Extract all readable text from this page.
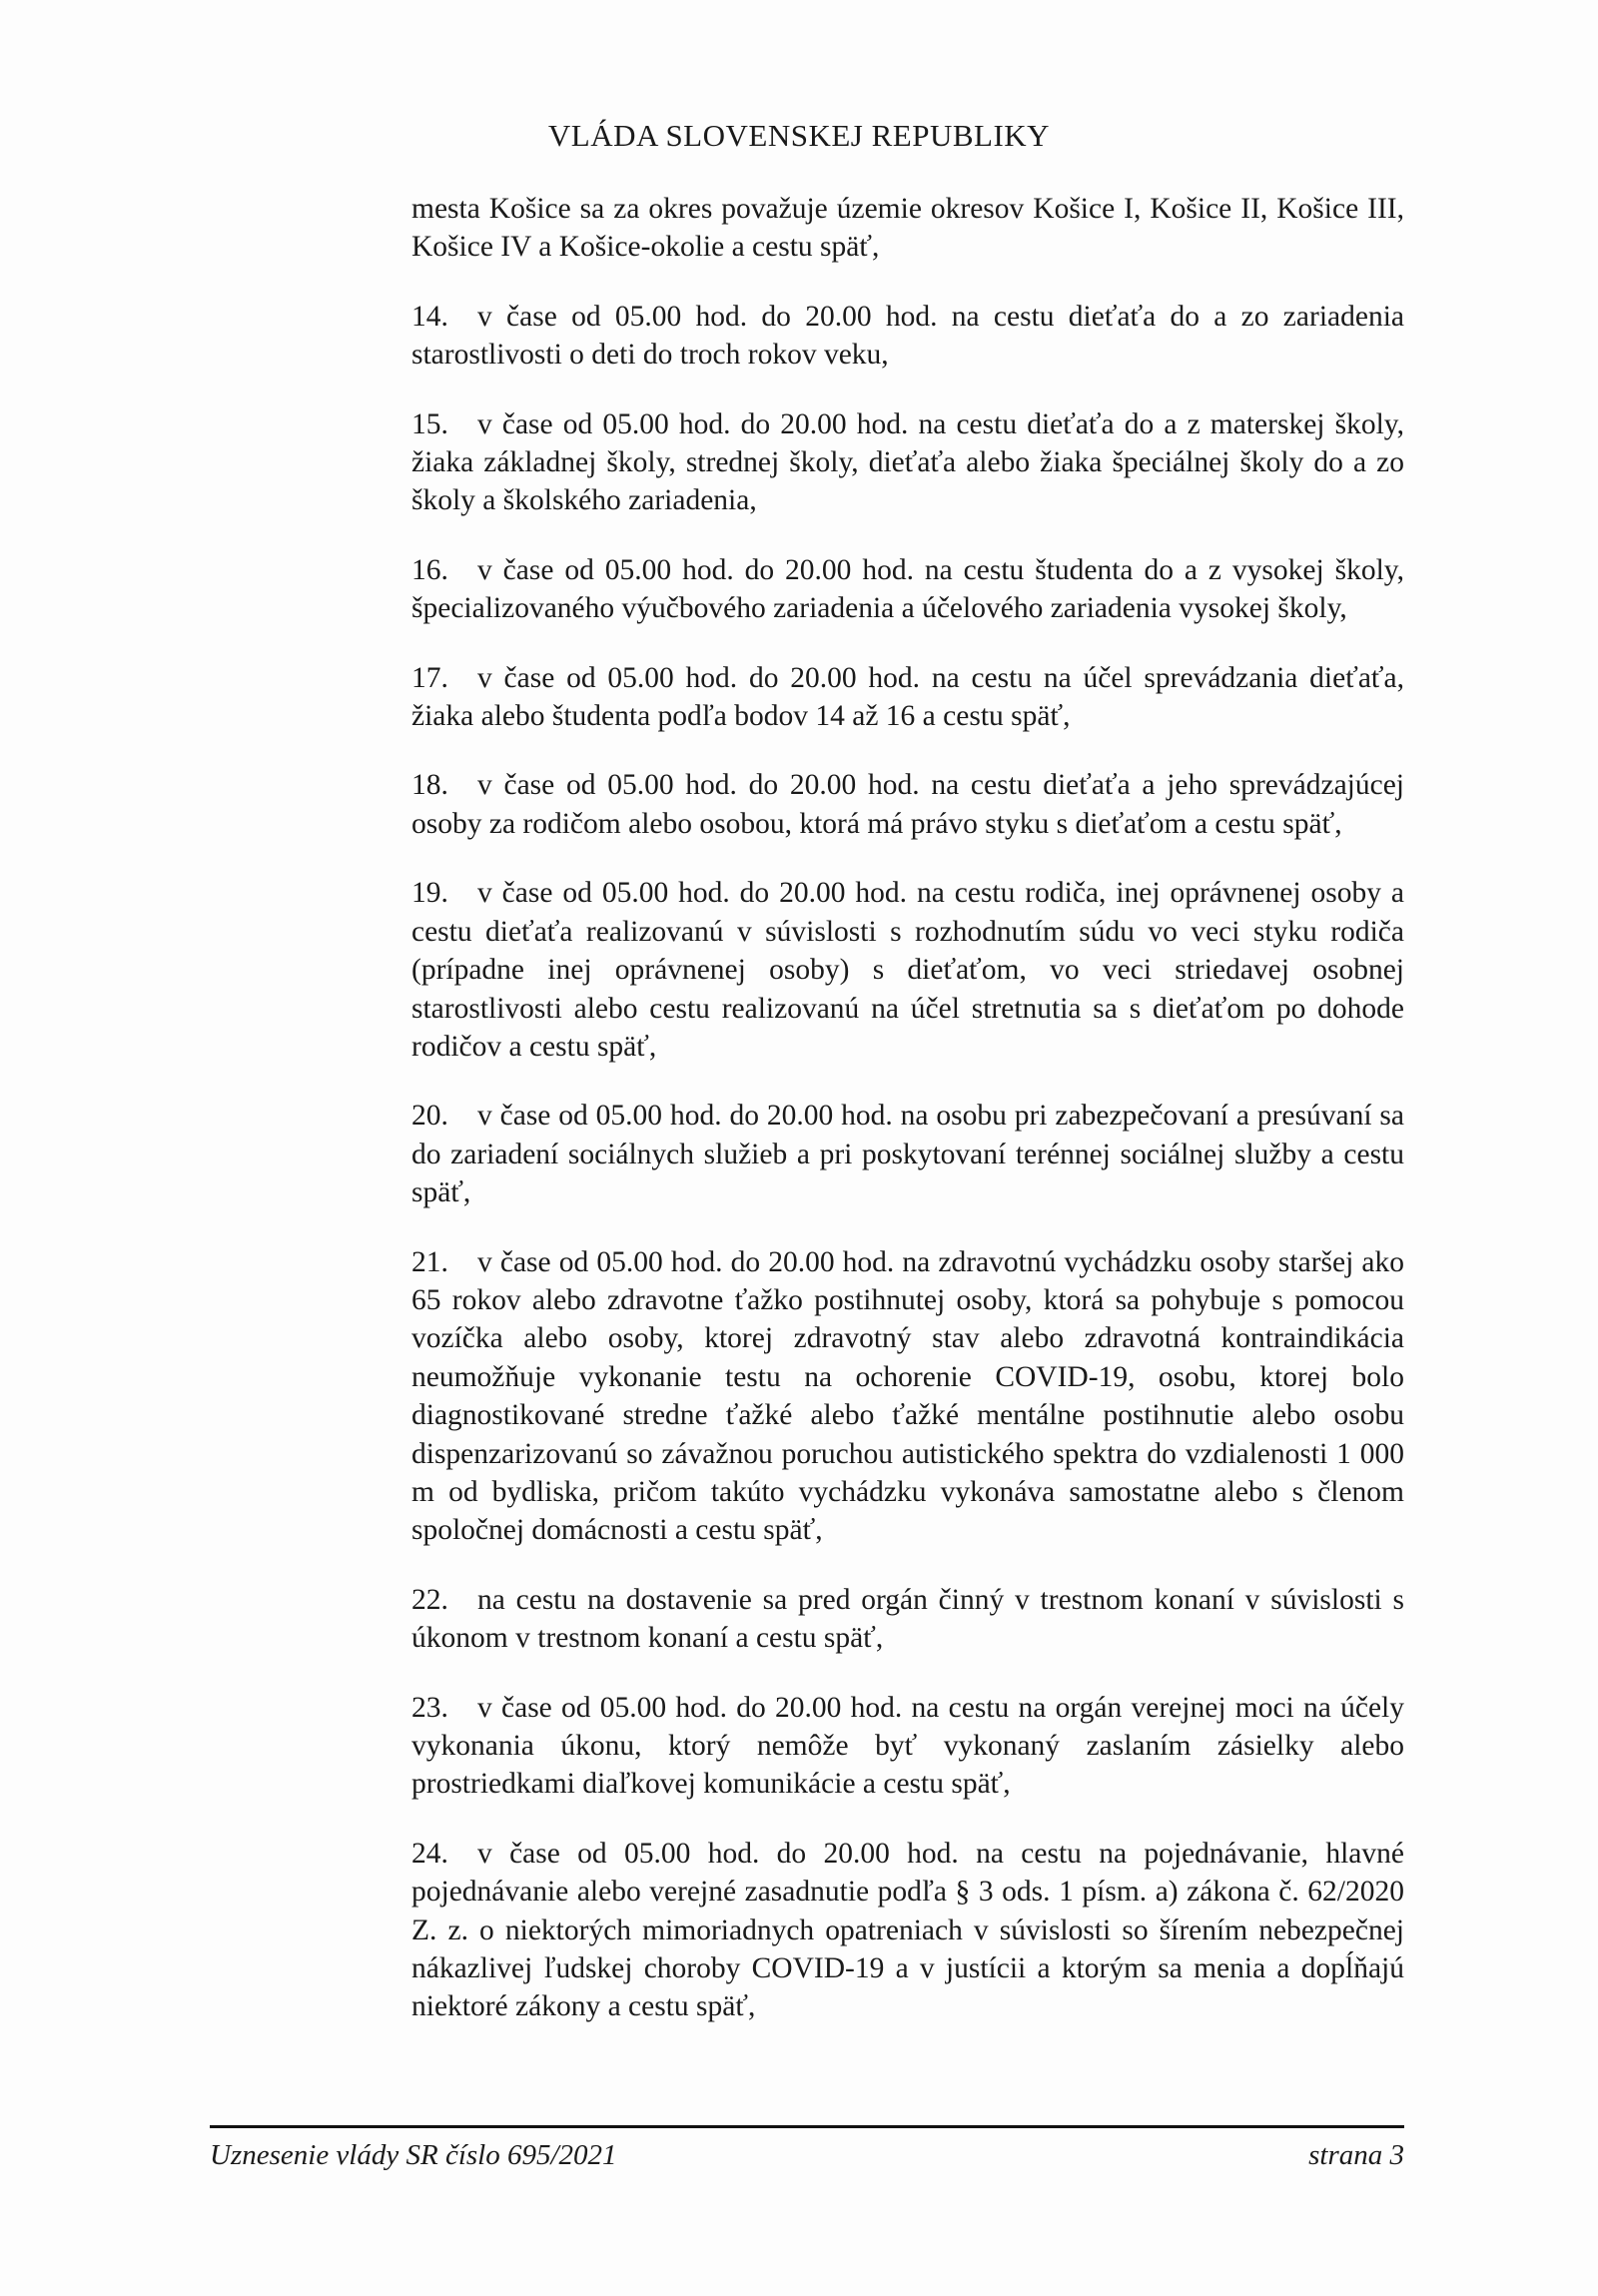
VLÁDA SLOVENSKEJ REPUBLIKY

mesta Košice sa za okres považuje územie okresov Košice I, Košice II, Košice III, Košice IV a Košice-okolie a cestu späť,

14. v čase od 05.00 hod. do 20.00 hod. na cestu dieťaťa do a zo zariadenia starostlivosti o deti do troch rokov veku,

15. v čase od 05.00 hod. do 20.00 hod. na cestu dieťaťa do a z materskej školy, žiaka základnej školy, strednej školy, dieťaťa alebo žiaka špeciálnej školy do a zo školy a školského zariadenia,

16. v čase od 05.00 hod. do 20.00 hod. na cestu študenta do a z vysokej školy, špecializovaného výučbového zariadenia a účelového zariadenia vysokej školy,

17. v čase od 05.00 hod. do 20.00 hod. na cestu na účel sprevádzania dieťaťa, žiaka alebo študenta podľa bodov 14 až 16 a cestu späť,

18. v čase od 05.00 hod. do 20.00 hod. na cestu dieťaťa a jeho sprevádzajúcej osoby za rodičom alebo osobou, ktorá má právo styku s dieťaťom a cestu späť,

19. v čase od 05.00 hod. do 20.00 hod. na cestu rodiča, inej oprávnenej osoby a cestu dieťaťa realizovanú v súvislosti s rozhodnutím súdu vo veci styku rodiča (prípadne inej oprávnenej osoby) s dieťaťom, vo veci striedavej osobnej starostlivosti alebo cestu realizovanú na účel stretnutia sa s dieťaťom po dohode rodičov a cestu späť,

20. v čase od 05.00 hod. do 20.00 hod. na osobu pri zabezpečovaní a presúvaní sa do zariadení sociálnych služieb a pri poskytovaní terénnej sociálnej služby a cestu späť,

21. v čase od 05.00 hod. do 20.00 hod. na zdravotnú vychádzku osoby staršej ako 65 rokov alebo zdravotne ťažko postihnutej osoby, ktorá sa pohybuje s pomocou vozíčka alebo osoby, ktorej zdravotný stav alebo zdravotná kontraindikácia neumožňuje vykonanie testu na ochorenie COVID-19, osobu, ktorej bolo diagnostikované stredne ťažké alebo ťažké mentálne postihnutie alebo osobu dispenzarizovanú so závažnou poruchou autistického spektra do vzdialenosti 1 000 m od bydliska, pričom takúto vychádzku vykonáva samostatne alebo s členom spoločnej domácnosti a cestu späť,

22. na cestu na dostavenie sa pred orgán činný v trestnom konaní v súvislosti s úkonom v trestnom konaní a cestu späť,

23. v čase od 05.00 hod. do 20.00 hod. na cestu na orgán verejnej moci na účely vykonania úkonu, ktorý nemôže byť vykonaný zaslaním zásielky alebo prostriedkami diaľkovej komunikácie a cestu späť,

24. v čase od 05.00 hod. do 20.00 hod. na cestu na pojednávanie, hlavné pojednávanie alebo verejné zasadnutie podľa § 3 ods. 1 písm. a) zákona č. 62/2020 Z. z. o niektorých mimoriadnych opatreniach v súvislosti so šírením nebezpečnej nákazlivej ľudskej choroby COVID-19 a v justícii a ktorým sa menia a dopĺňajú niektoré zákony a cestu späť,

Uznesenie vlády SR číslo 695/2021	strana 3
